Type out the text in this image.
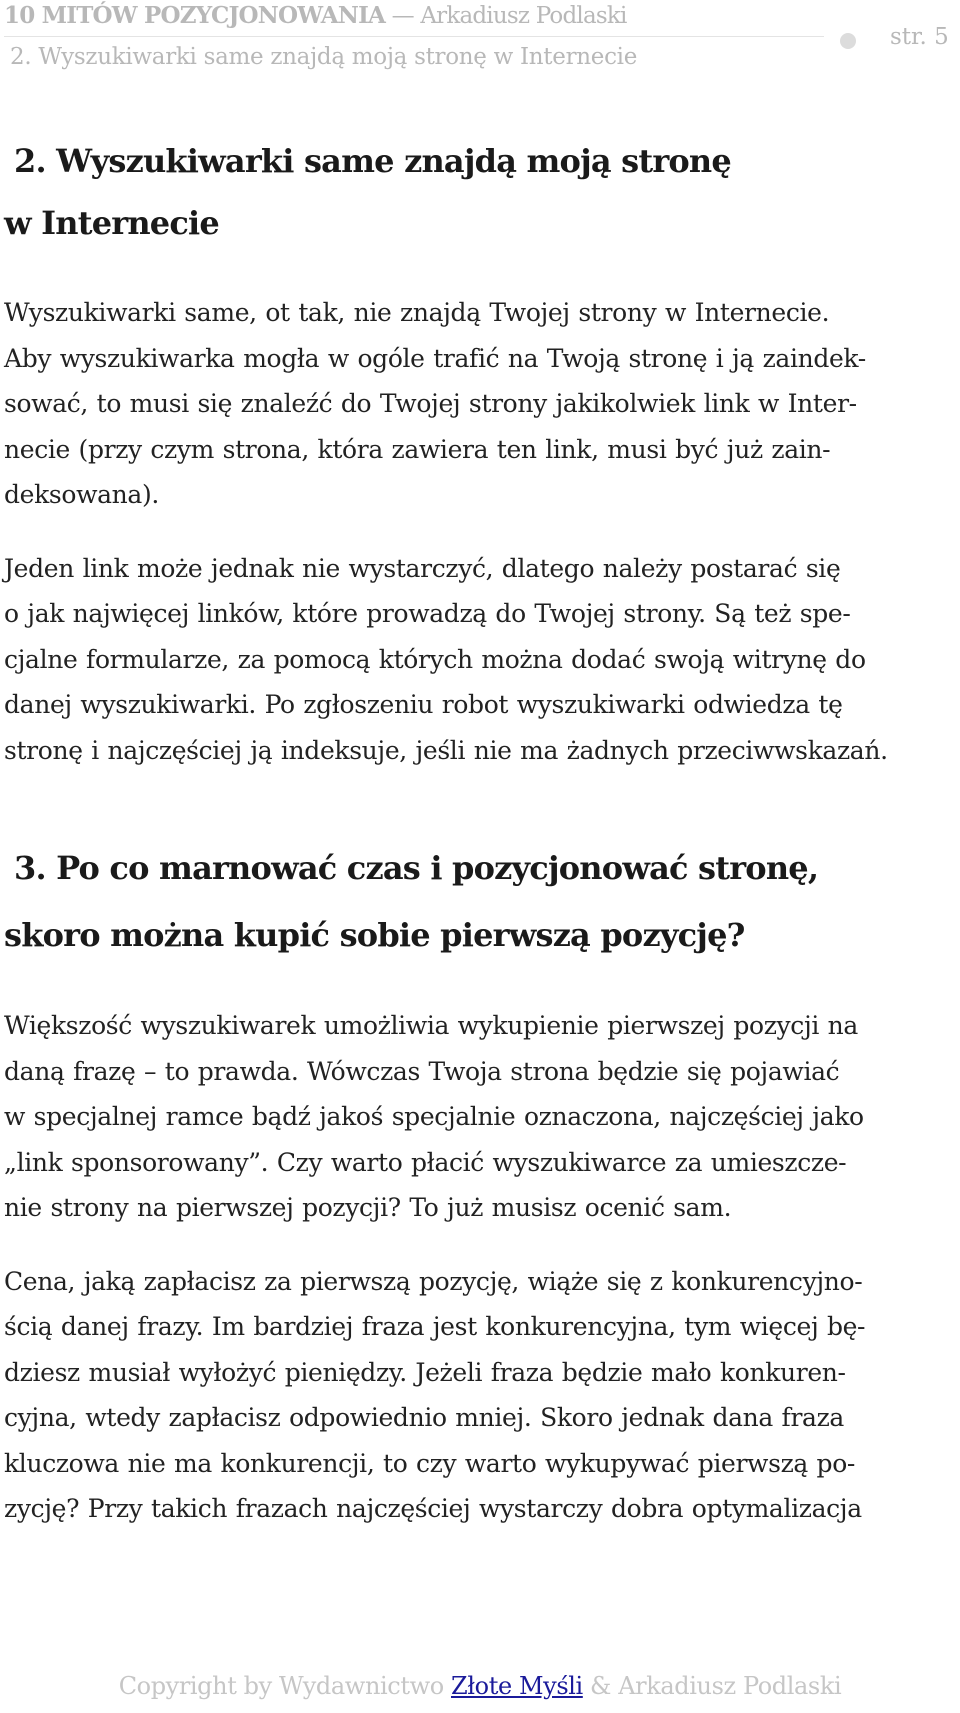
10 MITÓW POZYCJONOWANIA — Arkadiusz Podlaski
2. Wyszukiwarki same znajdą moją stronę w Internecie
str. 5
2. Wyszukiwarki same znajdą moją stronę
w Internecie

Wyszukiwarki same, ot tak, nie znajdą Twojej strony w Internecie.
Aby wyszukiwarka mogła w ogóle trafić na Twoją stronę i ją zaindek-
sować, to musi się znaleźć do Twojej strony jakikolwiek link w Inter-
necie (przy czym strona, która zawiera ten link, musi być już zain-
deksowana).

Jeden link może jednak nie wystarczyć, dlatego należy postarać się
o jak najwięcej linków, które prowadzą do Twojej strony. Są też spe-
cjalne formularze, za pomocą których można dodać swoją witrynę do
danej wyszukiwarki. Po zgłoszeniu robot wyszukiwarki odwiedza tę
stronę i najczęściej ją indeksuje, jeśli nie ma żadnych przeciwwskazań.

3. Po co marnować czas i pozycjonować stronę,
skoro można kupić sobie pierwszą pozycję?

Większość wyszukiwarek umożliwia wykupienie pierwszej pozycji na
daną frazę – to prawda. Wówczas Twoja strona będzie się pojawiać
w specjalnej ramce bądź jakoś specjalnie oznaczona, najczęściej jako
„link sponsorowany”. Czy warto płacić wyszukiwarce za umieszcze-
nie strony na pierwszej pozycji? To już musisz ocenić sam.

Cena, jaką zapłacisz za pierwszą pozycję, wiąże się z konkurencyjno-
ścią danej frazy. Im bardziej fraza jest konkurencyjna, tym więcej bę-
dziesz musiał wyłożyć pieniędzy. Jeżeli fraza będzie mało konkuren-
cyjna, wtedy zapłacisz odpowiednio mniej. Skoro jednak dana fraza
kluczowa nie ma konkurencji, to czy warto wykupywać pierwszą po-
zycję? Przy takich frazach najczęściej wystarczy dobra optymalizacja

Copyright by Wydawnictwo Złote Myśli & Arkadiusz Podlaski
